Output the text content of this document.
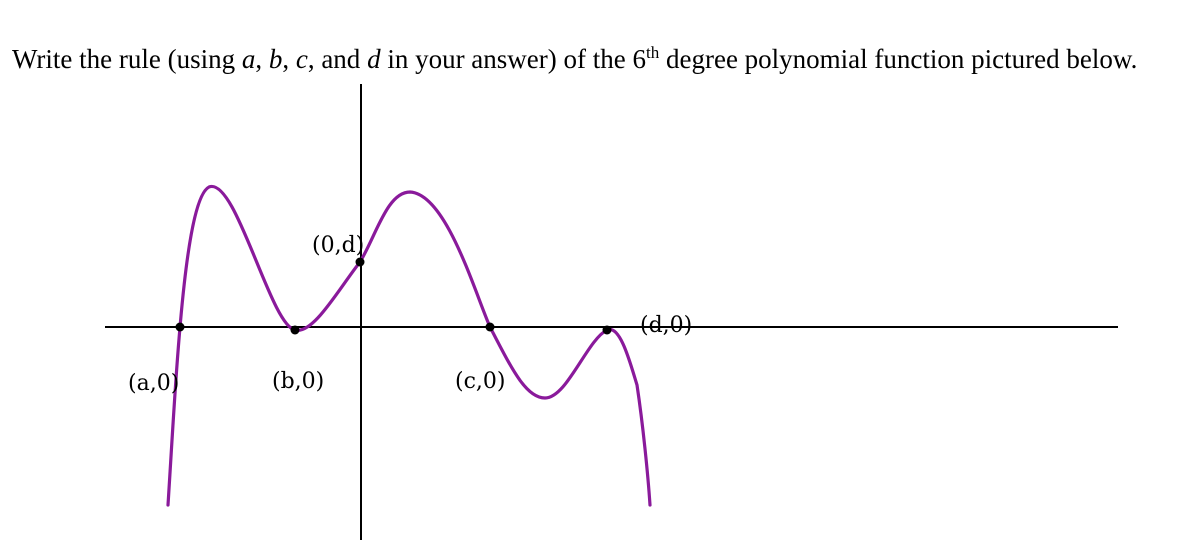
Write the rule (using a, b, c, and d in your answer) of the 6th degree polynomial function pictured below.

(a,0)	(b,0)
(0,d)
(c,0)
(d,0)
